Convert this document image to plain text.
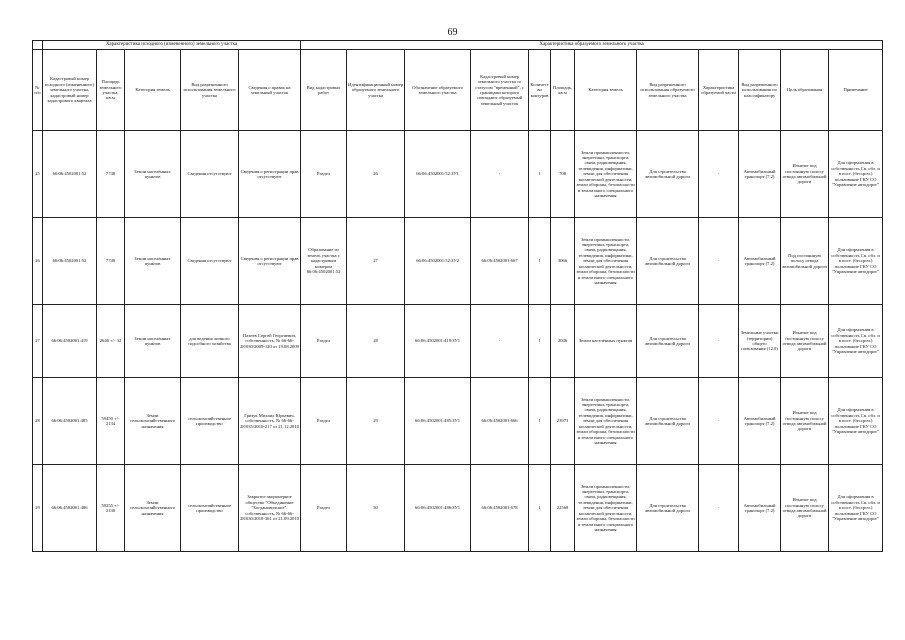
69
	Характеристика исходного (измененного) земельного участка					Характеристика образуемого земельного участка											
№ п/п	Кадастровый номер исходного (измененного) земельного участка, кадастровый номер кадастрового квартала	Площадь земельного участка, кв.м	Категория земель	Вид разрешенного использования земельного участка	Сведения о правах на земельный участок	Вид кадастровых работ	Идентификационный номер образуемого земельного участка	Обозначение образуемого земельного участка	Кадастровый номер земельного участка со статусом "временный", с границами которого совпадают образуемый земельный участок	Количество контуров	Площадь, кв.м	Категория земель	Вид разрешенного использования образуемого земельного участка	Характеристика образуемой части	Вид разрешенного использования по классификатору	Цель образования	Примечание
25	66:06:4502001:52	7748	Земли населённых пунктов	Сведения отсутствуют	Сведения о регистрации прав отсутствуют	Раздел	26	66:06:4502001:52:ЗУ1	-	1	708	Земли промышленности, энергетики, транспорта, связи, радиовещания, телевидения, информатики, земли для обеспечения космической деятельности, земли обороны, безопасности и земли иного специального назначения	Для строительства автомобильной дороги	-	Автомобильный транспорт (7.2)	Изъятие под постоянную полосу отвода автомобильной дороги	Для оформления в собственность Св. обл. и в пост. (бессроч.) пользование ГКУ СО "Управление автодорог"
26	66:06:4502001:52	7749	Земли населённых пунктов	Сведения отсутствуют	Сведения о регистрации прав отсутствуют	Образование из земель участка с кадастровым номером 66:06:4502001:52	27	66:06:4502001:52:ЗУ2	66:06:4502001:667	1	3066	Земли промышленности, энергетики, транспорта, связи, радиовещания, телевидения, информатики, земли для обеспечения космической деятельности, земли обороны, безопасности и земли иного специального назначения	Для строительства автомобильной дороги	-	Автомобильный транспорт (7.2)	Под постоянную полосу отвода автомобильной дороги	Для оформления в собственность Св. обл. и в пост. (бессроч.) пользование ГКУ СО "Управление автодорог"
27	66:06:4502001:419	2646 +/- 32	Земли населённых пунктов	для ведения личного подсобного хозяйства	Пахеев Сергей Георгиевич, собственность, № 66-66-28/030/2009-120 от 19.08.2009	Раздел	28	66:06:4502001:419:ЗУ1	-	1	2046	Земли населённых пунктов	Для строительства автомобильной дороги	-	Земельные участки (территории) общего пользования (12.0)	Изъятие под постоянную полосу отвода автомобильной дороги	Для оформления в собственность Св. обл. и в пост. (бессроч.) пользование ГКУ СО "Управление автодорог"
28	66:06:4502001:485	59450 +/- 2134	Земли сельскохозяйственного назначения	сельскохозяйственное производство	Гризук Михаил Юрьевич, собственность, № 66-66-28/035/2010-217 от 21.12.2010	Раздел	29	66:06:4502001:485:ЗУ1	66:06:4502001:666	1	23973	Земли промышленности, энергетики, транспорта, связи, радиовещания, телевидения, информатики, земли для обеспечения космической деятельности, земли обороны, безопасности и земли иного специального назначения	Для строительства автомобильной дороги	-	Автомобильный транспорт (7.2)	Изъятие под постоянную полосу отвода автомобильной дороги	Для оформления в собственность Св. обл. и в пост. (бессроч.) пользование ГКУ СО "Управление автодорог"
29	66:06:4502001:486	59255 +/- 2130	Земли сельскохозяйственного назначения	сельскохозяйственное производство	Закрытое акционерное общество "Объединение "Богдановичское", собственность, № 66-66-28/030/2010-361 от 21.09.2010	Раздел	30	66:06:4502001:486:ЗУ1	66:06:4502001:678	1	22568	Земли промышленности, энергетики, транспорта, связи, радиовещания, телевидения, информатики, земли для обеспечения космической деятельности, земли обороны, безопасности и земли иного специального назначения	Для строительства автомобильной дороги	-	Автомобильный транспорт (7.2)	Изъятие под постоянную полосу отвода автомобильной дороги	Для оформления в собственность Св. обл. и в пост. (бессроч.) пользование ГКУ СО "Управление автодорог"
